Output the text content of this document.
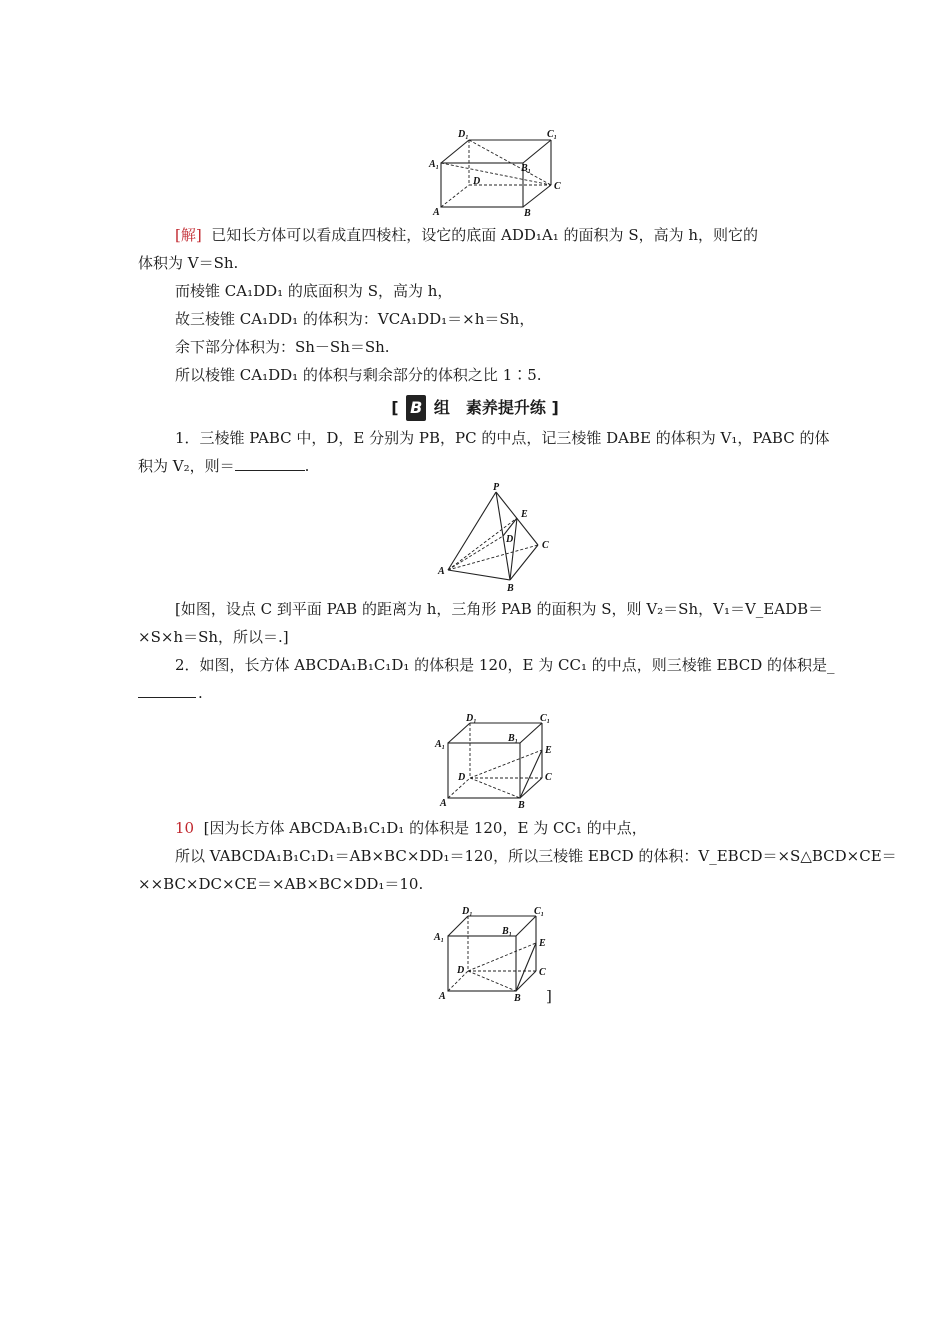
D₁	C₁
A₁	B₁
D	C
A	B
[解] 已知长方体可以看成直四棱柱，设它的底面 ADD₁A₁ 的面积为 S，高为 h，则它的
体积为 V＝Sh.
而棱锥 CA₁DD₁ 的底面积为 S，高为 h，
故三棱锥 CA₁DD₁ 的体积为：VCA₁DD₁＝×h＝Sh，
余下部分体积为：Sh－Sh＝Sh.
所以棱锥 CA₁DD₁ 的体积与剩余部分的体积之比 1∶5.
[ B 组　素养提升练 ]
1．三棱锥 PABC 中，D，E 分别为 PB，PC 的中点，记三棱锥 DABE 的体积为 V₁，PABC 的体
积为 V₂，则＝	.
P
E
D
C
A
B
[如图，设点 C 到平面 PAB 的距离为 h，三角形 PAB 的面积为 S，则 V₂＝Sh，V₁＝V_EADB＝
×S×h＝Sh，所以＝.]
2．如图，长方体 ABCDA₁B₁C₁D₁ 的体积是 120，E 为 CC₁ 的中点，则三棱锥 EBCD 的体积是_
.
D₁	C₁
A₁
B₁
E
D	C
A	B
10 [因为长方体 ABCDA₁B₁C₁D₁ 的体积是 120，E 为 CC₁ 的中点，
所以 VABCDA₁B₁C₁D₁＝AB×BC×DD₁＝120，所以三棱锥 EBCD 的体积：V_EBCD＝×S△BCD×CE＝
××BC×DC×CE＝×AB×BC×DD₁＝10.
D₁	C₁
A₁
B₁
E
D	C
A	B ]
